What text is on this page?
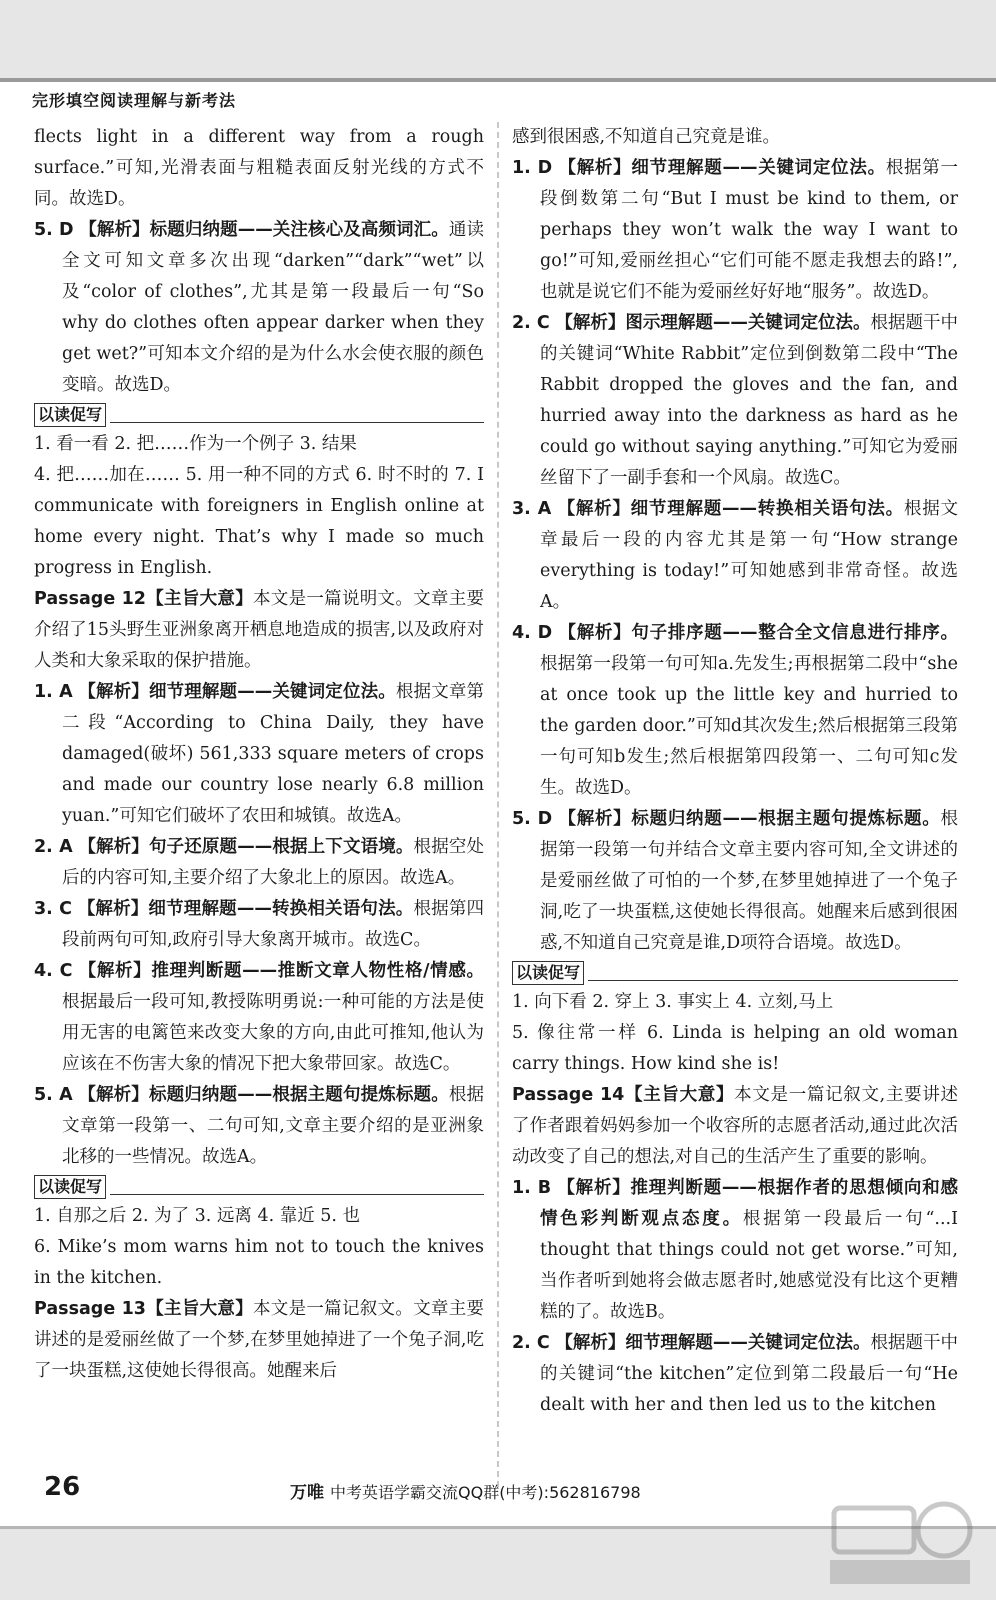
完形填空阅读理解与新考法

flects light in a different way from a rough surface.”可知,光滑表面与粗糙表面反射光线的方式不同。故选D。

5. D 【解析】标题归纳题——关注核心及高频词汇。通读全文可知文章多次出现“darken”“dark”“wet”以及“color of clothes”,尤其是第一段最后一句“So why do clothes often appear darker when they get wet?”可知本文介绍的是为什么水会使衣服的颜色变暗。故选D。

以读促写

1. 看一看 2. 把……作为一个例子 3. 结果

4. 把……加在…… 5. 用一种不同的方式 6. 时不时的 7. I communicate with foreigners in English online at home every night. That’s why I made so much progress in English.

Passage 12【主旨大意】本文是一篇说明文。文章主要介绍了15头野生亚洲象离开栖息地造成的损害,以及政府对人类和大象采取的保护措施。

1. A 【解析】细节理解题——关键词定位法。根据文章第二段“According to China Daily, they have damaged(破坏) 561,333 square meters of crops and made our country lose nearly 6.8 million yuan.”可知它们破坏了农田和城镇。故选A。

2. A 【解析】句子还原题——根据上下文语境。根据空处后的内容可知,主要介绍了大象北上的原因。故选A。

3. C 【解析】细节理解题——转换相关语句法。根据第四段前两句可知,政府引导大象离开城市。故选C。

4. C 【解析】推理判断题——推断文章人物性格/情感。根据最后一段可知,教授陈明勇说:一种可能的方法是使用无害的电篱笆来改变大象的方向,由此可推知,他认为应该在不伤害大象的情况下把大象带回家。故选C。

5. A 【解析】标题归纳题——根据主题句提炼标题。根据文章第一段第一、二句可知,文章主要介绍的是亚洲象北移的一些情况。故选A。

以读促写

1. 自那之后 2. 为了 3. 远离 4. 靠近 5. 也

6. Mike’s mom warns him not to touch the knives in the kitchen.

Passage 13【主旨大意】本文是一篇记叙文。文章主要讲述的是爱丽丝做了一个梦,在梦里她掉进了一个兔子洞,吃了一块蛋糕,这使她长得很高。她醒来后

感到很困惑,不知道自己究竟是谁。

1. D 【解析】细节理解题——关键词定位法。根据第一段倒数第二句“But I must be kind to them, or perhaps they won’t walk the way I want to go!”可知,爱丽丝担心“它们可能不愿走我想去的路!”,也就是说它们不能为爱丽丝好好地“服务”。故选D。

2. C 【解析】图示理解题——关键词定位法。根据题干中的关键词“White Rabbit”定位到倒数第二段中“The Rabbit dropped the gloves and the fan, and hurried away into the darkness as hard as he could go without saying anything.”可知它为爱丽丝留下了一副手套和一个风扇。故选C。

3. A 【解析】细节理解题——转换相关语句法。根据文章最后一段的内容尤其是第一句“How strange everything is today!”可知她感到非常奇怪。故选A。

4. D 【解析】句子排序题——整合全文信息进行排序。根据第一段第一句可知a.先发生;再根据第二段中“she at once took up the little key and hurried to the garden door.”可知d其次发生;然后根据第三段第一句可知b发生;然后根据第四段第一、二句可知c发生。故选D。

5. D 【解析】标题归纳题——根据主题句提炼标题。根据第一段第一句并结合文章主要内容可知,全文讲述的是爱丽丝做了可怕的一个梦,在梦里她掉进了一个兔子洞,吃了一块蛋糕,这使她长得很高。她醒来后感到很困惑,不知道自己究竟是谁,D项符合语境。故选D。

以读促写

1. 向下看 2. 穿上 3. 事实上 4. 立刻,马上

5. 像往常一样 6. Linda is helping an old woman carry things. How kind she is!

Passage 14【主旨大意】本文是一篇记叙文,主要讲述了作者跟着妈妈参加一个收容所的志愿者活动,通过此次活动改变了自己的想法,对自己的生活产生了重要的影响。

1. B 【解析】推理判断题——根据作者的思想倾向和感情色彩判断观点态度。根据第一段最后一句“...I thought that things could not get worse.”可知,当作者听到她将会做志愿者时,她感觉没有比这个更糟糕的了。故选B。

2. C 【解析】细节理解题——关键词定位法。根据题干中的关键词“the kitchen”定位到第二段最后一句“He dealt with her and then led us to the kitchen

26	万唯 中考英语学霸交流QQ群(中考):562816798
